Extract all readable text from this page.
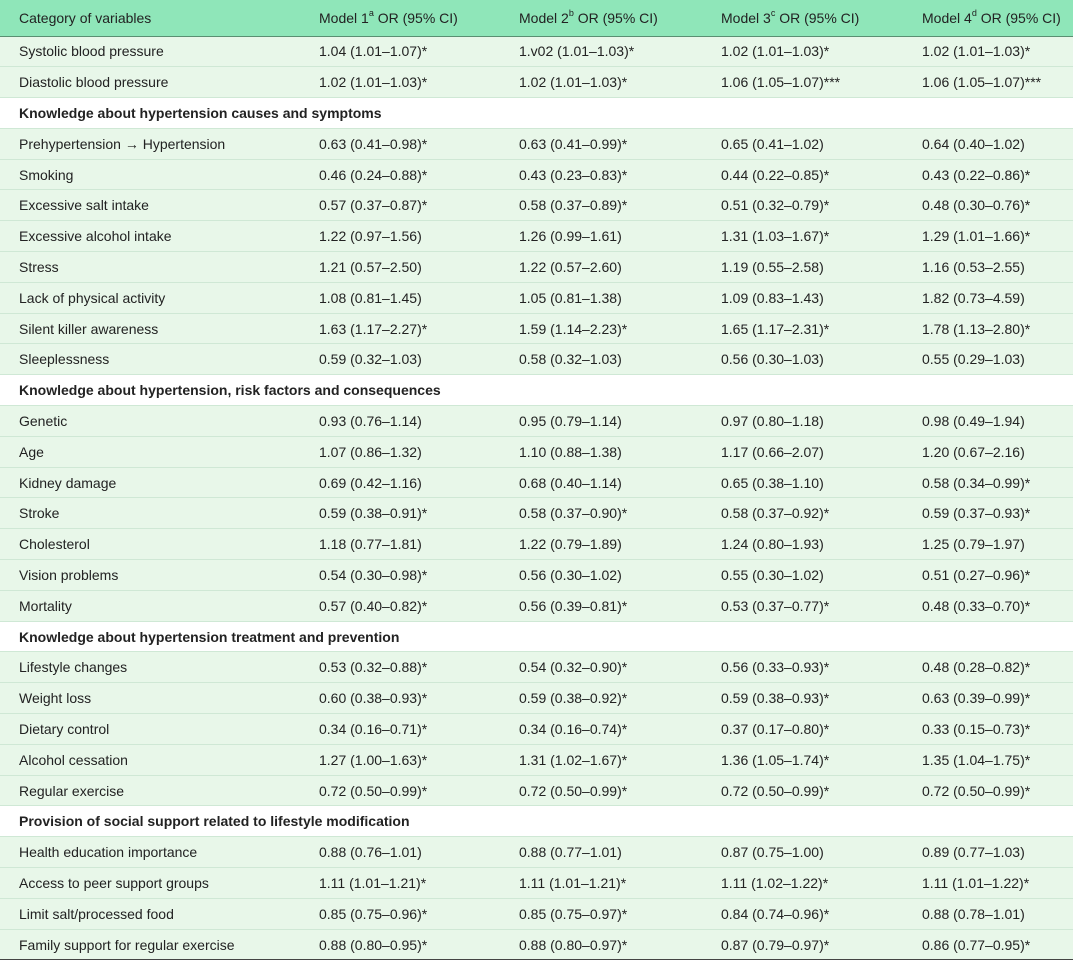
Category of variables	Model 1$^a$ OR (95% CI)	Model 2$^b$ OR (95% CI)	Model 3$^c$ OR (95% CI)	Model 4$^d$ OR (95% CI)
Systolic blood pressure	1.04 (1.01–1.07)*	1.v02 (1.01–1.03)*	1.02 (1.01–1.03)*	1.02 (1.01–1.03)*
Diastolic blood pressure	1.02 (1.01–1.03)*	1.02 (1.01–1.03)*	1.06 (1.05–1.07)***	1.06 (1.05–1.07)***
Knowledge about hypertension causes and symptoms				
Prehypertension → Hypertension	0.63 (0.41–0.98)*	0.63 (0.41–0.99)*	0.65 (0.41–1.02)	0.64 (0.40–1.02)
Smoking	0.46 (0.24–0.88)*	0.43 (0.23–0.83)*	0.44 (0.22–0.85)*	0.43 (0.22–0.86)*
Excessive salt intake	0.57 (0.37–0.87)*	0.58 (0.37–0.89)*	0.51 (0.32–0.79)*	0.48 (0.30–0.76)*
Excessive alcohol intake	1.22 (0.97–1.56)	1.26 (0.99–1.61)	1.31 (1.03–1.67)*	1.29 (1.01–1.66)*
Stress	1.21 (0.57–2.50)	1.22 (0.57–2.60)	1.19 (0.55–2.58)	1.16 (0.53–2.55)
Lack of physical activity	1.08 (0.81–1.45)	1.05 (0.81–1.38)	1.09 (0.83–1.43)	1.82 (0.73–4.59)
Silent killer awareness	1.63 (1.17–2.27)*	1.59 (1.14–2.23)*	1.65 (1.17–2.31)*	1.78 (1.13–2.80)*
Sleeplessness	0.59 (0.32–1.03)	0.58 (0.32–1.03)	0.56 (0.30–1.03)	0.55 (0.29–1.03)
Knowledge about hypertension, risk factors and consequences				
Genetic	0.93 (0.76–1.14)	0.95 (0.79–1.14)	0.97 (0.80–1.18)	0.98 (0.49–1.94)
Age	1.07 (0.86–1.32)	1.10 (0.88–1.38)	1.17 (0.66–2.07)	1.20 (0.67–2.16)
Kidney damage	0.69 (0.42–1.16)	0.68 (0.40–1.14)	0.65 (0.38–1.10)	0.58 (0.34–0.99)*
Stroke	0.59 (0.38–0.91)*	0.58 (0.37–0.90)*	0.58 (0.37–0.92)*	0.59 (0.37–0.93)*
Cholesterol	1.18 (0.77–1.81)	1.22 (0.79–1.89)	1.24 (0.80–1.93)	1.25 (0.79–1.97)
Vision problems	0.54 (0.30–0.98)*	0.56 (0.30–1.02)	0.55 (0.30–1.02)	0.51 (0.27–0.96)*
Mortality	0.57 (0.40–0.82)*	0.56 (0.39–0.81)*	0.53 (0.37–0.77)*	0.48 (0.33–0.70)*
Knowledge about hypertension treatment and prevention				
Lifestyle changes	0.53 (0.32–0.88)*	0.54 (0.32–0.90)*	0.56 (0.33–0.93)*	0.48 (0.28–0.82)*
Weight loss	0.60 (0.38–0.93)*	0.59 (0.38–0.92)*	0.59 (0.38–0.93)*	0.63 (0.39–0.99)*
Dietary control	0.34 (0.16–0.71)*	0.34 (0.16–0.74)*	0.37 (0.17–0.80)*	0.33 (0.15–0.73)*
Alcohol cessation	1.27 (1.00–1.63)*	1.31 (1.02–1.67)*	1.36 (1.05–1.74)*	1.35 (1.04–1.75)*
Regular exercise	0.72 (0.50–0.99)*	0.72 (0.50–0.99)*	0.72 (0.50–0.99)*	0.72 (0.50–0.99)*
Provision of social support related to lifestyle modification				
Health education importance	0.88 (0.76–1.01)	0.88 (0.77–1.01)	0.87 (0.75–1.00)	0.89 (0.77–1.03)
Access to peer support groups	1.11 (1.01–1.21)*	1.11 (1.01–1.21)*	1.11 (1.02–1.22)*	1.11 (1.01–1.22)*
Limit salt/processed food	0.85 (0.75–0.96)*	0.85 (0.75–0.97)*	0.84 (0.74–0.96)*	0.88 (0.78–1.01)
Family support for regular exercise	0.88 (0.80–0.95)*	0.88 (0.80–0.97)*	0.87 (0.79–0.97)*	0.86 (0.77–0.95)*
